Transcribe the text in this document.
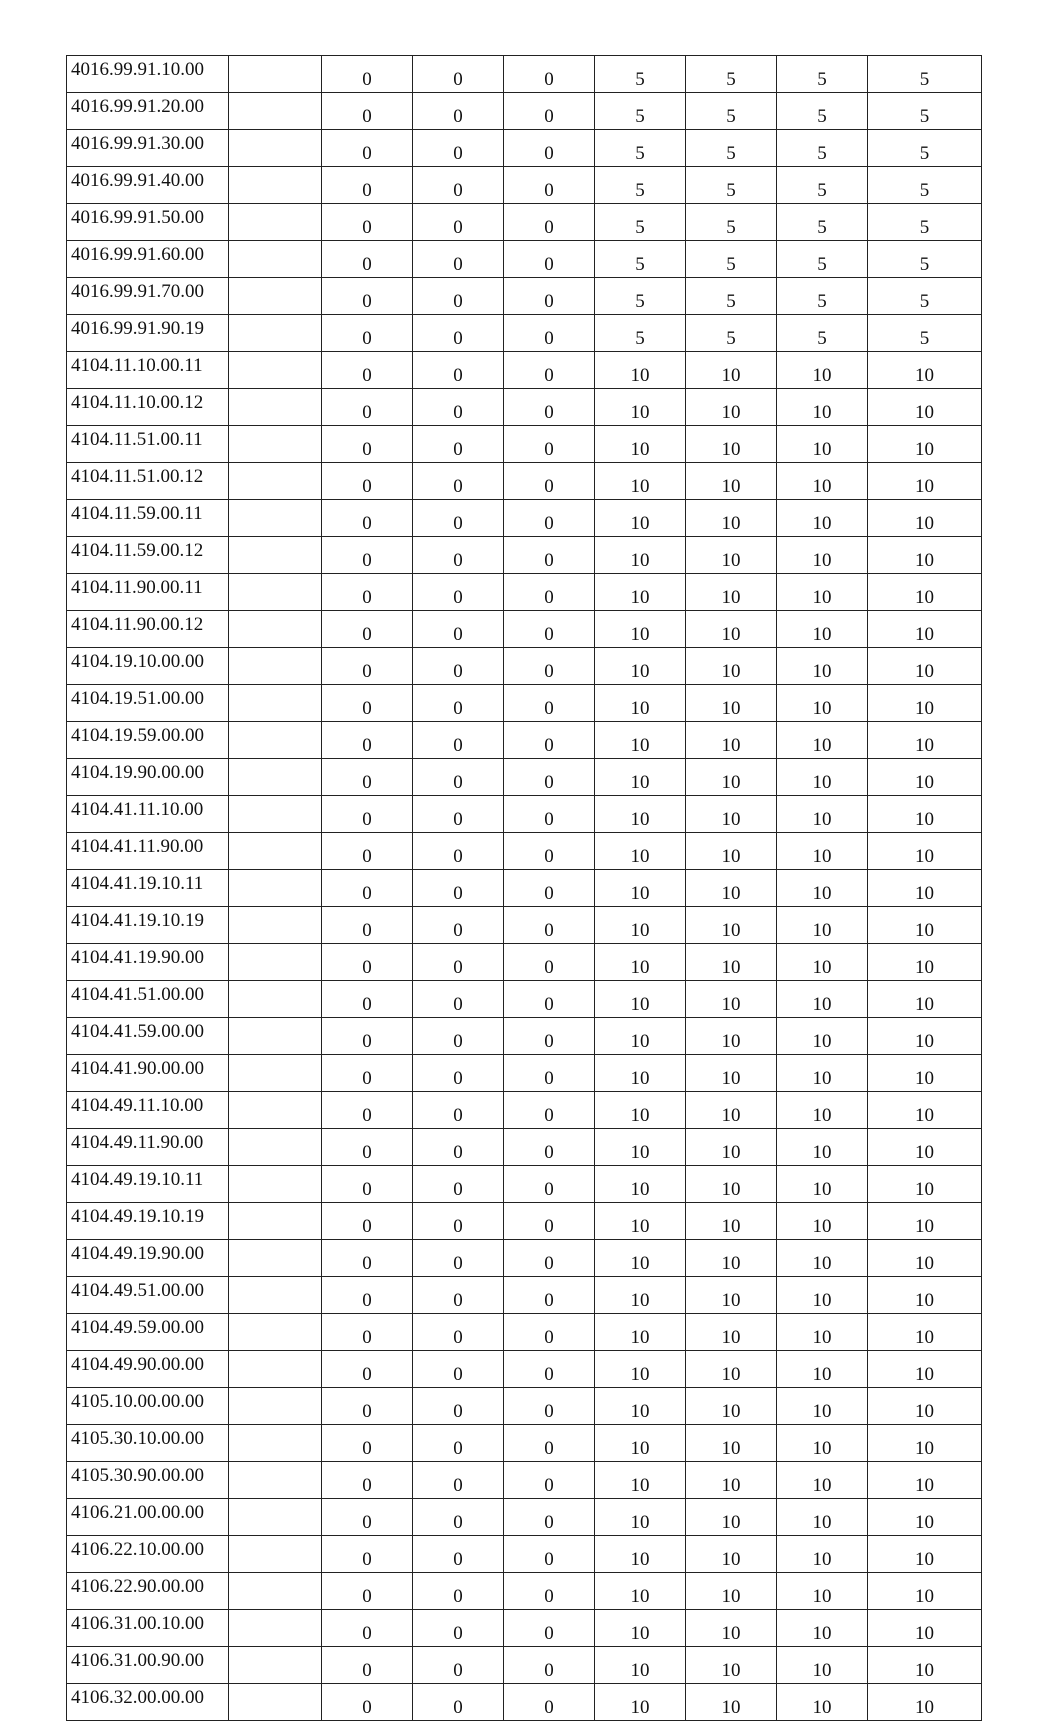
4016.99.91.10.00		0	0	0	5	5	5	5
4016.99.91.20.00		0	0	0	5	5	5	5
4016.99.91.30.00		0	0	0	5	5	5	5
4016.99.91.40.00		0	0	0	5	5	5	5
4016.99.91.50.00		0	0	0	5	5	5	5
4016.99.91.60.00		0	0	0	5	5	5	5
4016.99.91.70.00		0	0	0	5	5	5	5
4016.99.91.90.19		0	0	0	5	5	5	5
4104.11.10.00.11		0	0	0	10	10	10	10
4104.11.10.00.12		0	0	0	10	10	10	10
4104.11.51.00.11		0	0	0	10	10	10	10
4104.11.51.00.12		0	0	0	10	10	10	10
4104.11.59.00.11		0	0	0	10	10	10	10
4104.11.59.00.12		0	0	0	10	10	10	10
4104.11.90.00.11		0	0	0	10	10	10	10
4104.11.90.00.12		0	0	0	10	10	10	10
4104.19.10.00.00		0	0	0	10	10	10	10
4104.19.51.00.00		0	0	0	10	10	10	10
4104.19.59.00.00		0	0	0	10	10	10	10
4104.19.90.00.00		0	0	0	10	10	10	10
4104.41.11.10.00		0	0	0	10	10	10	10
4104.41.11.90.00		0	0	0	10	10	10	10
4104.41.19.10.11		0	0	0	10	10	10	10
4104.41.19.10.19		0	0	0	10	10	10	10
4104.41.19.90.00		0	0	0	10	10	10	10
4104.41.51.00.00		0	0	0	10	10	10	10
4104.41.59.00.00		0	0	0	10	10	10	10
4104.41.90.00.00		0	0	0	10	10	10	10
4104.49.11.10.00		0	0	0	10	10	10	10
4104.49.11.90.00		0	0	0	10	10	10	10
4104.49.19.10.11		0	0	0	10	10	10	10
4104.49.19.10.19		0	0	0	10	10	10	10
4104.49.19.90.00		0	0	0	10	10	10	10
4104.49.51.00.00		0	0	0	10	10	10	10
4104.49.59.00.00		0	0	0	10	10	10	10
4104.49.90.00.00		0	0	0	10	10	10	10
4105.10.00.00.00		0	0	0	10	10	10	10
4105.30.10.00.00		0	0	0	10	10	10	10
4105.30.90.00.00		0	0	0	10	10	10	10
4106.21.00.00.00		0	0	0	10	10	10	10
4106.22.10.00.00		0	0	0	10	10	10	10
4106.22.90.00.00		0	0	0	10	10	10	10
4106.31.00.10.00		0	0	0	10	10	10	10
4106.31.00.90.00		0	0	0	10	10	10	10
4106.32.00.00.00		0	0	0	10	10	10	10
